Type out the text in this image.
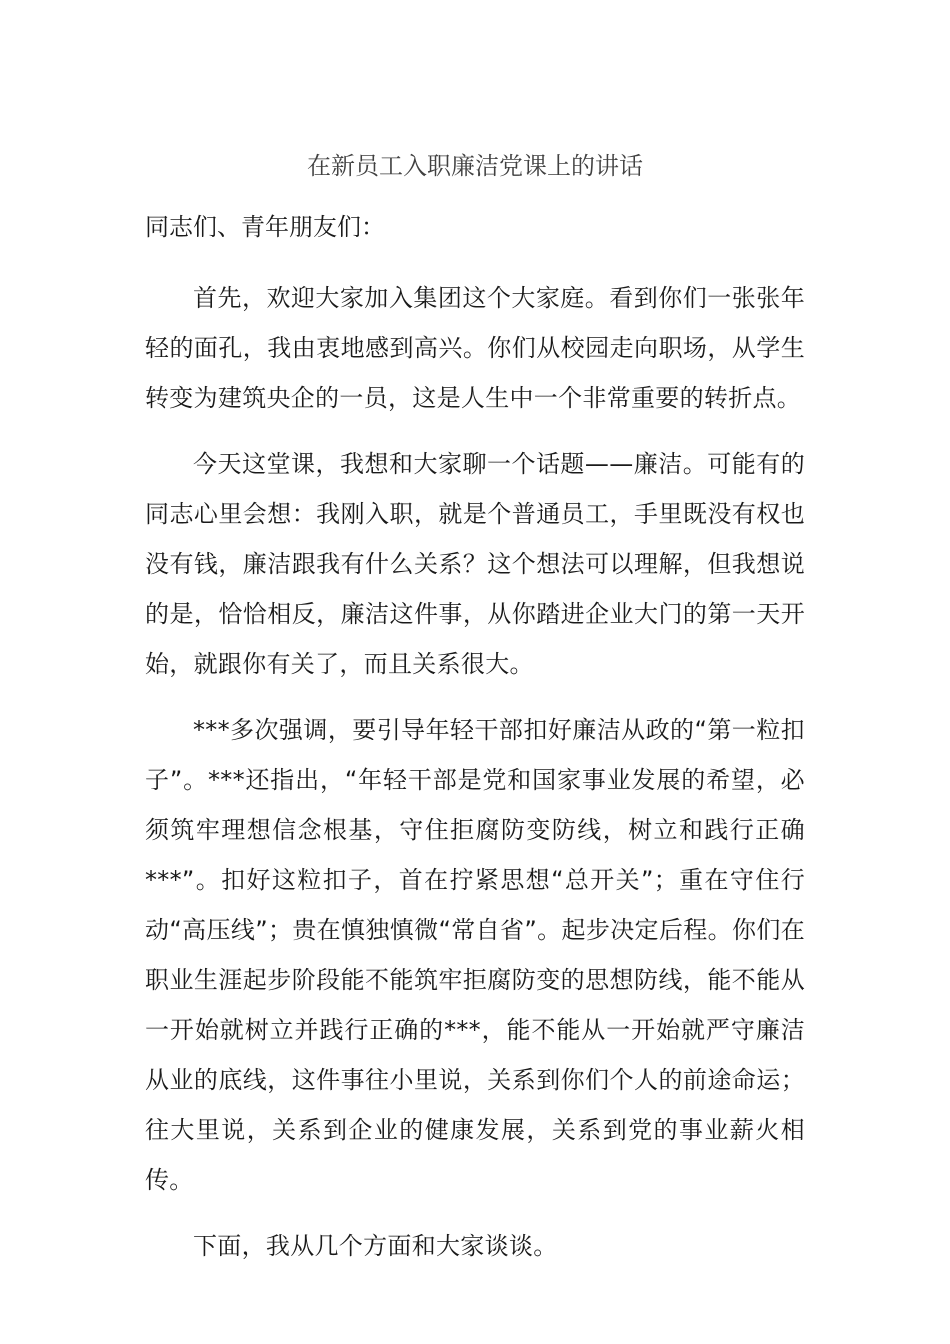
在新员工入职廉洁党课上的讲话

同志们、青年朋友们：

首先，欢迎大家加入集团这个大家庭。看到你们一张张年轻的面孔，我由衷地感到高兴。你们从校园走向职场，从学生转变为建筑央企的一员，这是人生中一个非常重要的转折点。

今天这堂课，我想和大家聊一个话题——廉洁。可能有的同志心里会想：我刚入职，就是个普通员工，手里既没有权也没有钱，廉洁跟我有什么关系？这个想法可以理解，但我想说的是，恰恰相反，廉洁这件事，从你踏进企业大门的第一天开始，就跟你有关了，而且关系很大。

***多次强调，要引导年轻干部扣好廉洁从政的“第一粒扣子”。***还指出，“年轻干部是党和国家事业发展的希望，必须筑牢理想信念根基，守住拒腐防变防线，树立和践行正确***”。扣好这粒扣子，首在拧紧思想“总开关”；重在守住行动“高压线”；贵在慎独慎微“常自省”。起步决定后程。你们在职业生涯起步阶段能不能筑牢拒腐防变的思想防线，能不能从一开始就树立并践行正确的***，能不能从一开始就严守廉洁从业的底线，这件事往小里说，关系到你们个人的前途命运；往大里说，关系到企业的健康发展，关系到党的事业薪火相传。

下面，我从几个方面和大家谈谈。
